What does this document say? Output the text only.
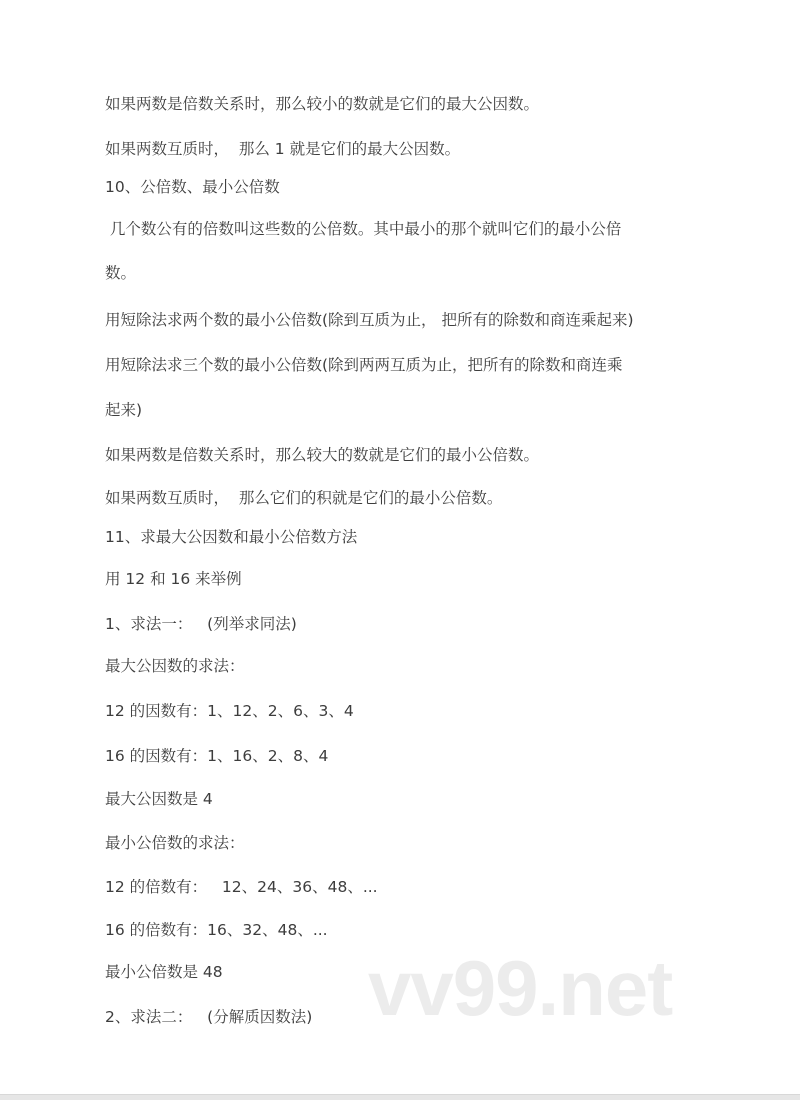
如果两数是倍数关系时，那么较小的数就是它们的最大公因数。
如果两数互质时，  那么 1 就是它们的最大公因数。
10、公倍数、最小公倍数
几个数公有的倍数叫这些数的公倍数。其中最小的那个就叫它们的最小公倍
数。
用短除法求两个数的最小公倍数(除到互质为止， 把所有的除数和商连乘起来)
用短除法求三个数的最小公倍数(除到两两互质为止，把所有的除数和商连乘
起来)
如果两数是倍数关系时，那么较大的数就是它们的最小公倍数。
如果两数互质时，  那么它们的积就是它们的最小公倍数。
11、求最大公因数和最小公倍数方法
用 12 和 16 来举例
1、求法一：   (列举求同法)
最大公因数的求法：
12 的因数有：1、12、2、6、3、4
16 的因数有：1、16、2、8、4
最大公因数是 4
最小公倍数的求法：
12 的倍数有：   12、24、36、48、...
16 的倍数有：16、32、48、...
最小公倍数是 48
2、求法二：   (分解质因数法) vv99.net
